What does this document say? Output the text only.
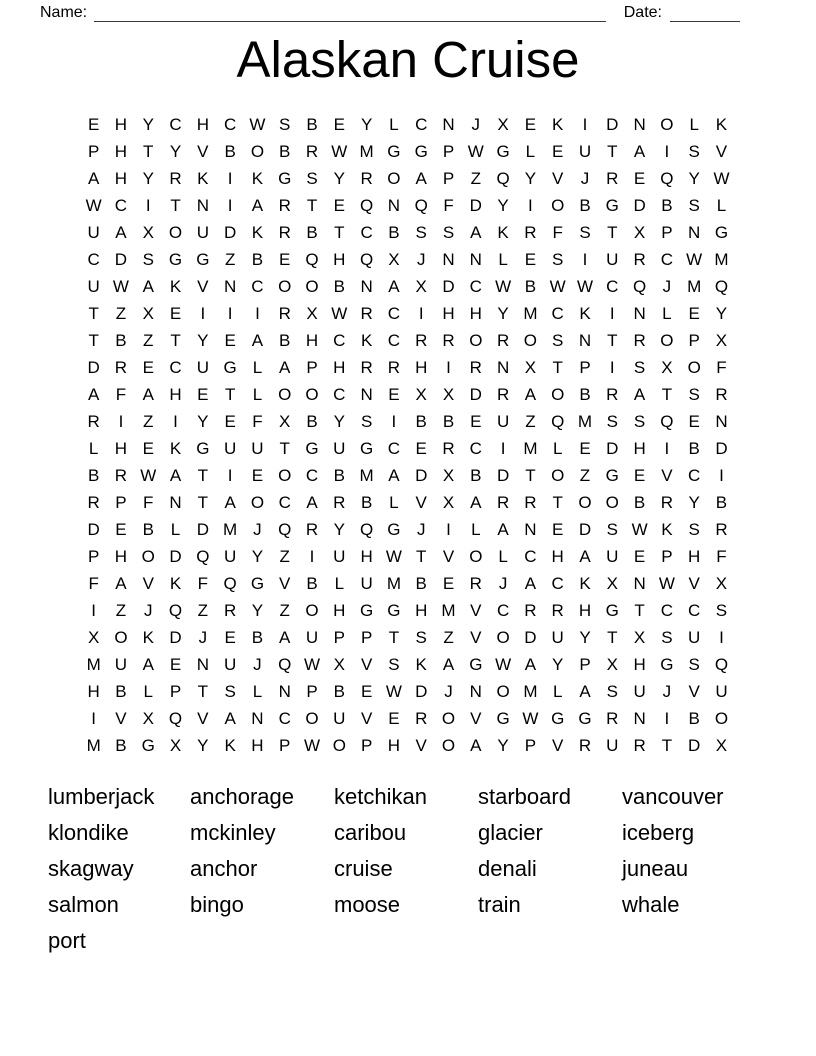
Name:	Date:
Alaskan Cruise
E H Y C H C W S B E Y L C N J	X E K	I	D N O L K
P H T Y V B O B R W M G G P W G L E U T A	I	S V
A H Y R K	I	K G S Y R O A P Z Q Y V	J R E Q Y W
W C	I	T N	I	A R T E Q N Q F D Y	I	O B G D B S L
U A X O U D K R B T C B S S A K R F S T X P N G
C D S G G Z B E Q H Q X	J N N L E S	I	U R C W M
U W A K V N C O O B N A X D C W B W W C Q J M Q
T Z X E	I	I	I	R X W R C	I	H H Y M C K	I	N L E Y
T B Z T Y E A B H C K C R R O R O S N T R O P X
D R E C U G L A P H R R H	I	R N X T P	I	S X O F
A F A H E T	L O O C N E X X D R A O B R A T S R
R	I	Z	I	Y E F X B Y S	I	B B E U Z Q M S S Q E N
L H E K G U U T G U G C E R C	I	M L E D H	I	B D
B R W A T	I	E O C B M A D X B D T O Z G E V C	I
R P F N T A O C A R B L V X A R R T O O B R Y B
D E B L D M J Q R Y Q G J	I	L A N E D S W K S R
P H O D Q U Y Z	I	U H W T V O L C H A U E P H F
F A V K F Q G V B L U M B E R J	A C K X N W V X
I	Z	J Q Z R Y Z O H G G H M V C R R H G T C C S
X O K D J	E B A U P P T S Z V O D U Y T X S U	I
M U A E N U J Q W X V S K A G W A Y P X H G S Q
H B L P T S L N P B E W D J N O M L A S U J	V U
I	V X Q V A N C O U V E R O V G W G G R N	I	B O
M B G X Y K H P W O P H V O A Y P V R U R T D X
lumberjack
klondike
skagway
salmon
port
anchorage
mckinley
anchor
bingo
ketchikan
caribou
cruise
moose
starboard
glacier
denali
train
vancouver
iceberg
juneau
whale
